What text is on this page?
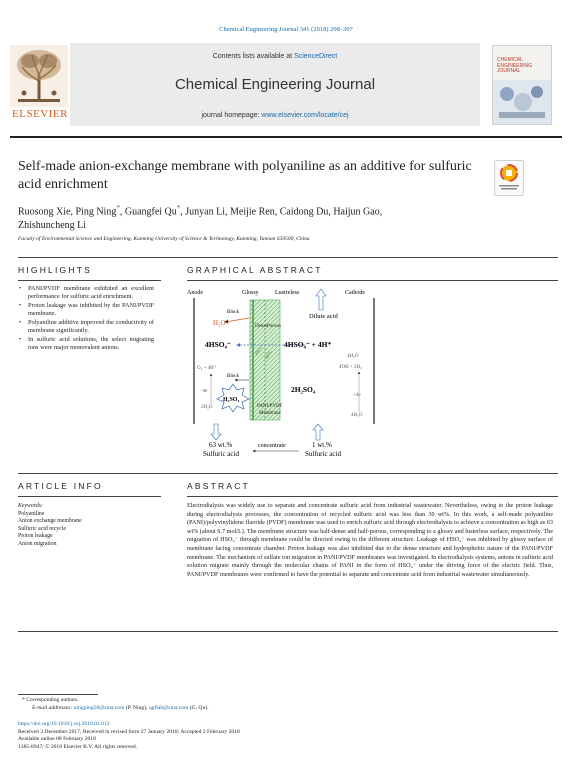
Chemical Engineering Journal 341 (2018) 298–307
ELSEVIER
Contents lists available at ScienceDirect
Chemical Engineering Journal
journal homepage: www.elsevier.com/locate/cej
CHEMICAL ENGINEERING JOURNAL
Self-made anion-exchange membrane with polyaniline as an additive for sulfuric acid enrichment
Ruosong Xie, Ping Ning*, Guangfei Qu*, Junyan Li, Meijie Ren, Caidong Du, Haijun Gao,
Zhishuncheng Li
Faculty of Environmental Science and Engineering, Kunming University of Science & Technology, Kunming, Yunnan 650500, China
HIGHLIGHTS
• PANI/PVDF membrane exhibited an excellent performance for sulfuric acid enrichment.
• Proton leakage was inhibited by the PANI/PVDF membrane.
• Polyaniline additive improved the conductivity of membrane significantly.
• In sulfuric acid solutions, the select migrating ions were major monovalent anions.
GRAPHICAL ABSTRACT
Anode	Glossy	Lustreless	Cathode
Dilute acid
Dense Porous
PANI/PVDF
Membrane
HSO₄⁻ HSO₄⁻
Block
H₂O
4HSO₄⁻
O₂ + 4H⁺
Block
-4e
2H₂O
H₂SO₄
4HSO₄⁻ + 4H⁺
4H₂O
4OH + 2H₂
2H₂SO₄
+4e
4H₂O
63 wt.%
Sulfuric acid
concentrate	1 wt.%
Sulfuric acid
ARTICLE INFO
Keywords:
Polyaniline
Anion exchange membrane
Sulfuric acid recycle
Proton leakage
Anion migration
ABSTRACT
Electrodialysis was widely use to separate and concentrate sulfuric acid from industrial wastewater. Nevertheless, owing to the proton leakage during electrodialysis processes, the concentration of recycled sulfuric acid was less than 30 wt%. In this work, a self-made polyaniline (PANI)/polyvinylidene fluoride (PVDF) membrane was used to enrich sulfuric acid through electrodialysis to achieve a concentration as high as 63 wt% (about 9.7 mol/L). The membrane structure was half-dense and half-porous, corresponding to a glossy and lusterless surface, respectively. The migration of HSO₄⁻ through membrane could be directed owing to the different structure. Leakage of HSO₄⁻ was inhibited by glossy surface of membrane facing concentrate chamber. Proton leakage was also inhibited due to the dense structure and hydrophobic nature of the PANI/PVDF membrane. The mechanism of sulfate ion migration in PANI/PVDF membranes was investigated. In electrodialysis systems, anions in sulfuric acid solution migrate mainly through the molecular chains of PANI in the form of HSO₄⁻ under the driving force of the electric field. Thus, PANI/PVDF membranes were confirmed to have the potential to separate and concentrate acid from industrial wastewater simultaneously.
* Corresponding authors.
E-mail addresses: ningping58@sina.com (P. Ning), qgflab@sina.com (G. Qu).
https://doi.org/10.1016/j.cej.2018.02.012
Received 3 December 2017; Received in revised form 27 January 2018; Accepted 2 February 2018
Available online 08 February 2018
1385-8947/ © 2018 Elsevier B.V. All rights reserved.
